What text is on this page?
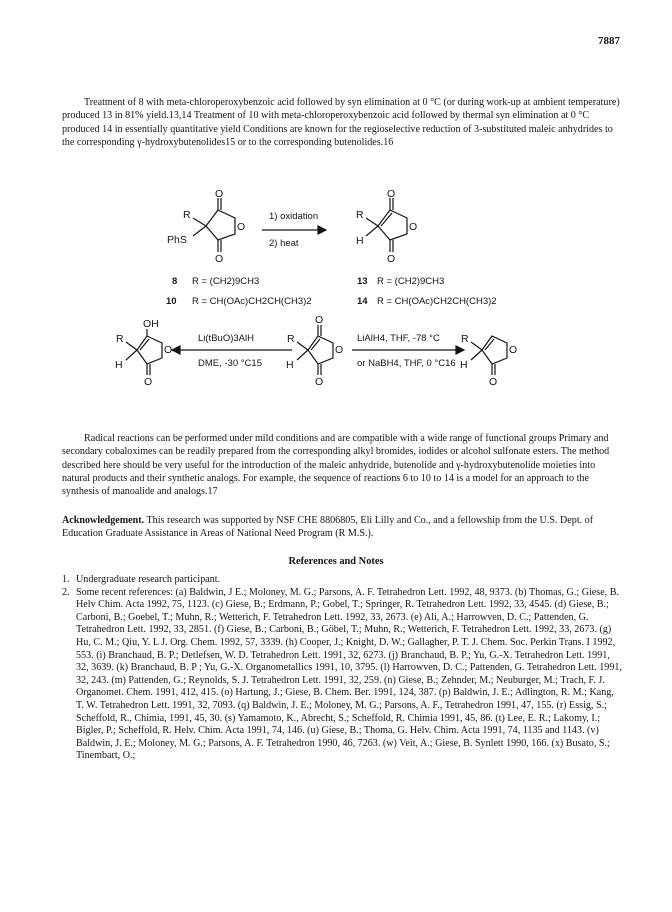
7887

Treatment of 8 with meta-chloroperoxybenzoic acid followed by syn elimination at 0 °C (or during work-up at ambient temperature) produced 13 in 81% yield.13,14 Treatment of 10 with meta-chloroperoxybenzoic acid followed by thermal syn elimination at 0 °C produced 14 in essentially quantitative yield Conditions are known for the regioselective reduction of 3-substituted maleic anhydrides to the corresponding γ-hydroxybutenolides15 or to the corresponding butenolides.16

O
O
O
R
PhS
1) oxidation
2) heat
O
O
O
R
H
8 R = (CH2)9CH3
10 R = CH(OAc)CH2CH(CH3)2
13 R = (CH2)9CH3
14 R = CH(OAc)CH2CH(CH3)2
OH
O
O
R
H
Li(tBuO)3AlH
DME, -30 °C15
O
O
O
R
H
LiAlH4, THF, -78 °C
or NaBH4, THF, 0 °C16
O
O
R
H

Radical reactions can be performed under mild conditions and are compatible with a wide range of functional groups Primary and secondary cobaloximes can be readily prepared from the corresponding alkyl bromides, iodides or alcohol sulfonate esters. The method described here should be very useful for the introduction of the maleic anhydride, butenolide and γ-hydroxybutenolide moieties into natural products and their synthetic analogs. For example, the sequence of reactions 6 to 10 to 14 is a model for an approach to the synthesis of manoalide and analogs.17

Acknowledgement. This research was supported by NSF CHE 8806805, Eli Lilly and Co., and a fellowship from the U.S. Dept. of Education Graduate Assistance in Areas of National Need Program (R M.S.).

References and Notes
1. Undergraduate research participant.
2. Some recent references: (a) Baldwin, J E.; Moloney, M. G.; Parsons, A. F. Tetrahedron Lett. 1992, 48, 9373. (b) Thomas, G.; Giese, B. Helv Chim. Acta 1992, 75, 1123. (c) Giese, B.; Erdmann, P.; Gobel, T.; Springer, R. Tetrahedron Lett. 1992, 33, 4545. (d) Giese, B.; Carboni, B.; Goebel, T.; Muhn, R.; Wetterich, F. Tetrahedron Lett. 1992, 33, 2673. (e) Ali, A.; Harrowven, D. C.; Pattenden, G. Tetrahedron Lett. 1992, 33, 2851. (f) Giese, B.; Carboni, B.; Göbel, T.; Muhn, R.; Wetterich, F. Tetrahedron Lett. 1992, 33, 2673. (g) Hu, C. M.; Qiu, Y. L J. Org. Chem. 1992, 57, 3339. (h) Cooper, J.; Knight, D. W.; Gallagher, P. T. J. Chem. Soc. Perkin Trans. I 1992, 553. (i) Branchaud, B. P.; Detlefsen, W. D. Tetrahedron Lett. 1991, 32, 6273. (j) Branchaud, B. P.; Yu, G.-X. Tetrahedron Lett. 1991, 32, 3639. (k) Branchaud, B. P ; Yu, G.-X. Organometallics 1991, 10, 3795. (l) Harrowven, D. C.; Pattenden, G. Tetrahedron Lett. 1991, 32, 243. (m) Pattenden, G.; Reynolds, S. J. Tetrahedron Lett. 1991, 32, 259. (n) Giese, B.; Zehnder, M.; Neuburger, M.; Trach, F. J. Organomet. Chem. 1991, 412, 415. (o) Hartung, J.; Giese, B. Chem. Ber. 1991, 124, 387. (p) Baldwin, J. E.; Adlington, R. M.; Kang, T. W. Tetrahedron Lett. 1991, 32, 7093. (q) Baldwin, J. E.; Moloney, M. G.; Parsons, A. F., Tetrahedron 1991, 47, 155. (r) Essig, S.; Scheffold, R., Chimia, 1991, 45, 30. (s) Yamamoto, K., Abrecht, S.; Scheffold, R. Chimia 1991, 45, 86. (t) Lee, E. R.; Lakomy, I.; Bigler, P.; Scheffold, R. Helv. Chim. Acta 1991, 74, 146. (u) Giese, B.; Thoma, G. Helv. Chim. Acta 1991, 74, 1135 and 1143. (v) Baldwin, J. E.; Moloney, M. G.; Parsons, A. F. Tetrahedron 1990, 46, 7263. (w) Veit, A.; Giese, B. Synlett 1990, 166. (x) Busato, S.; Tinembart, O.;
